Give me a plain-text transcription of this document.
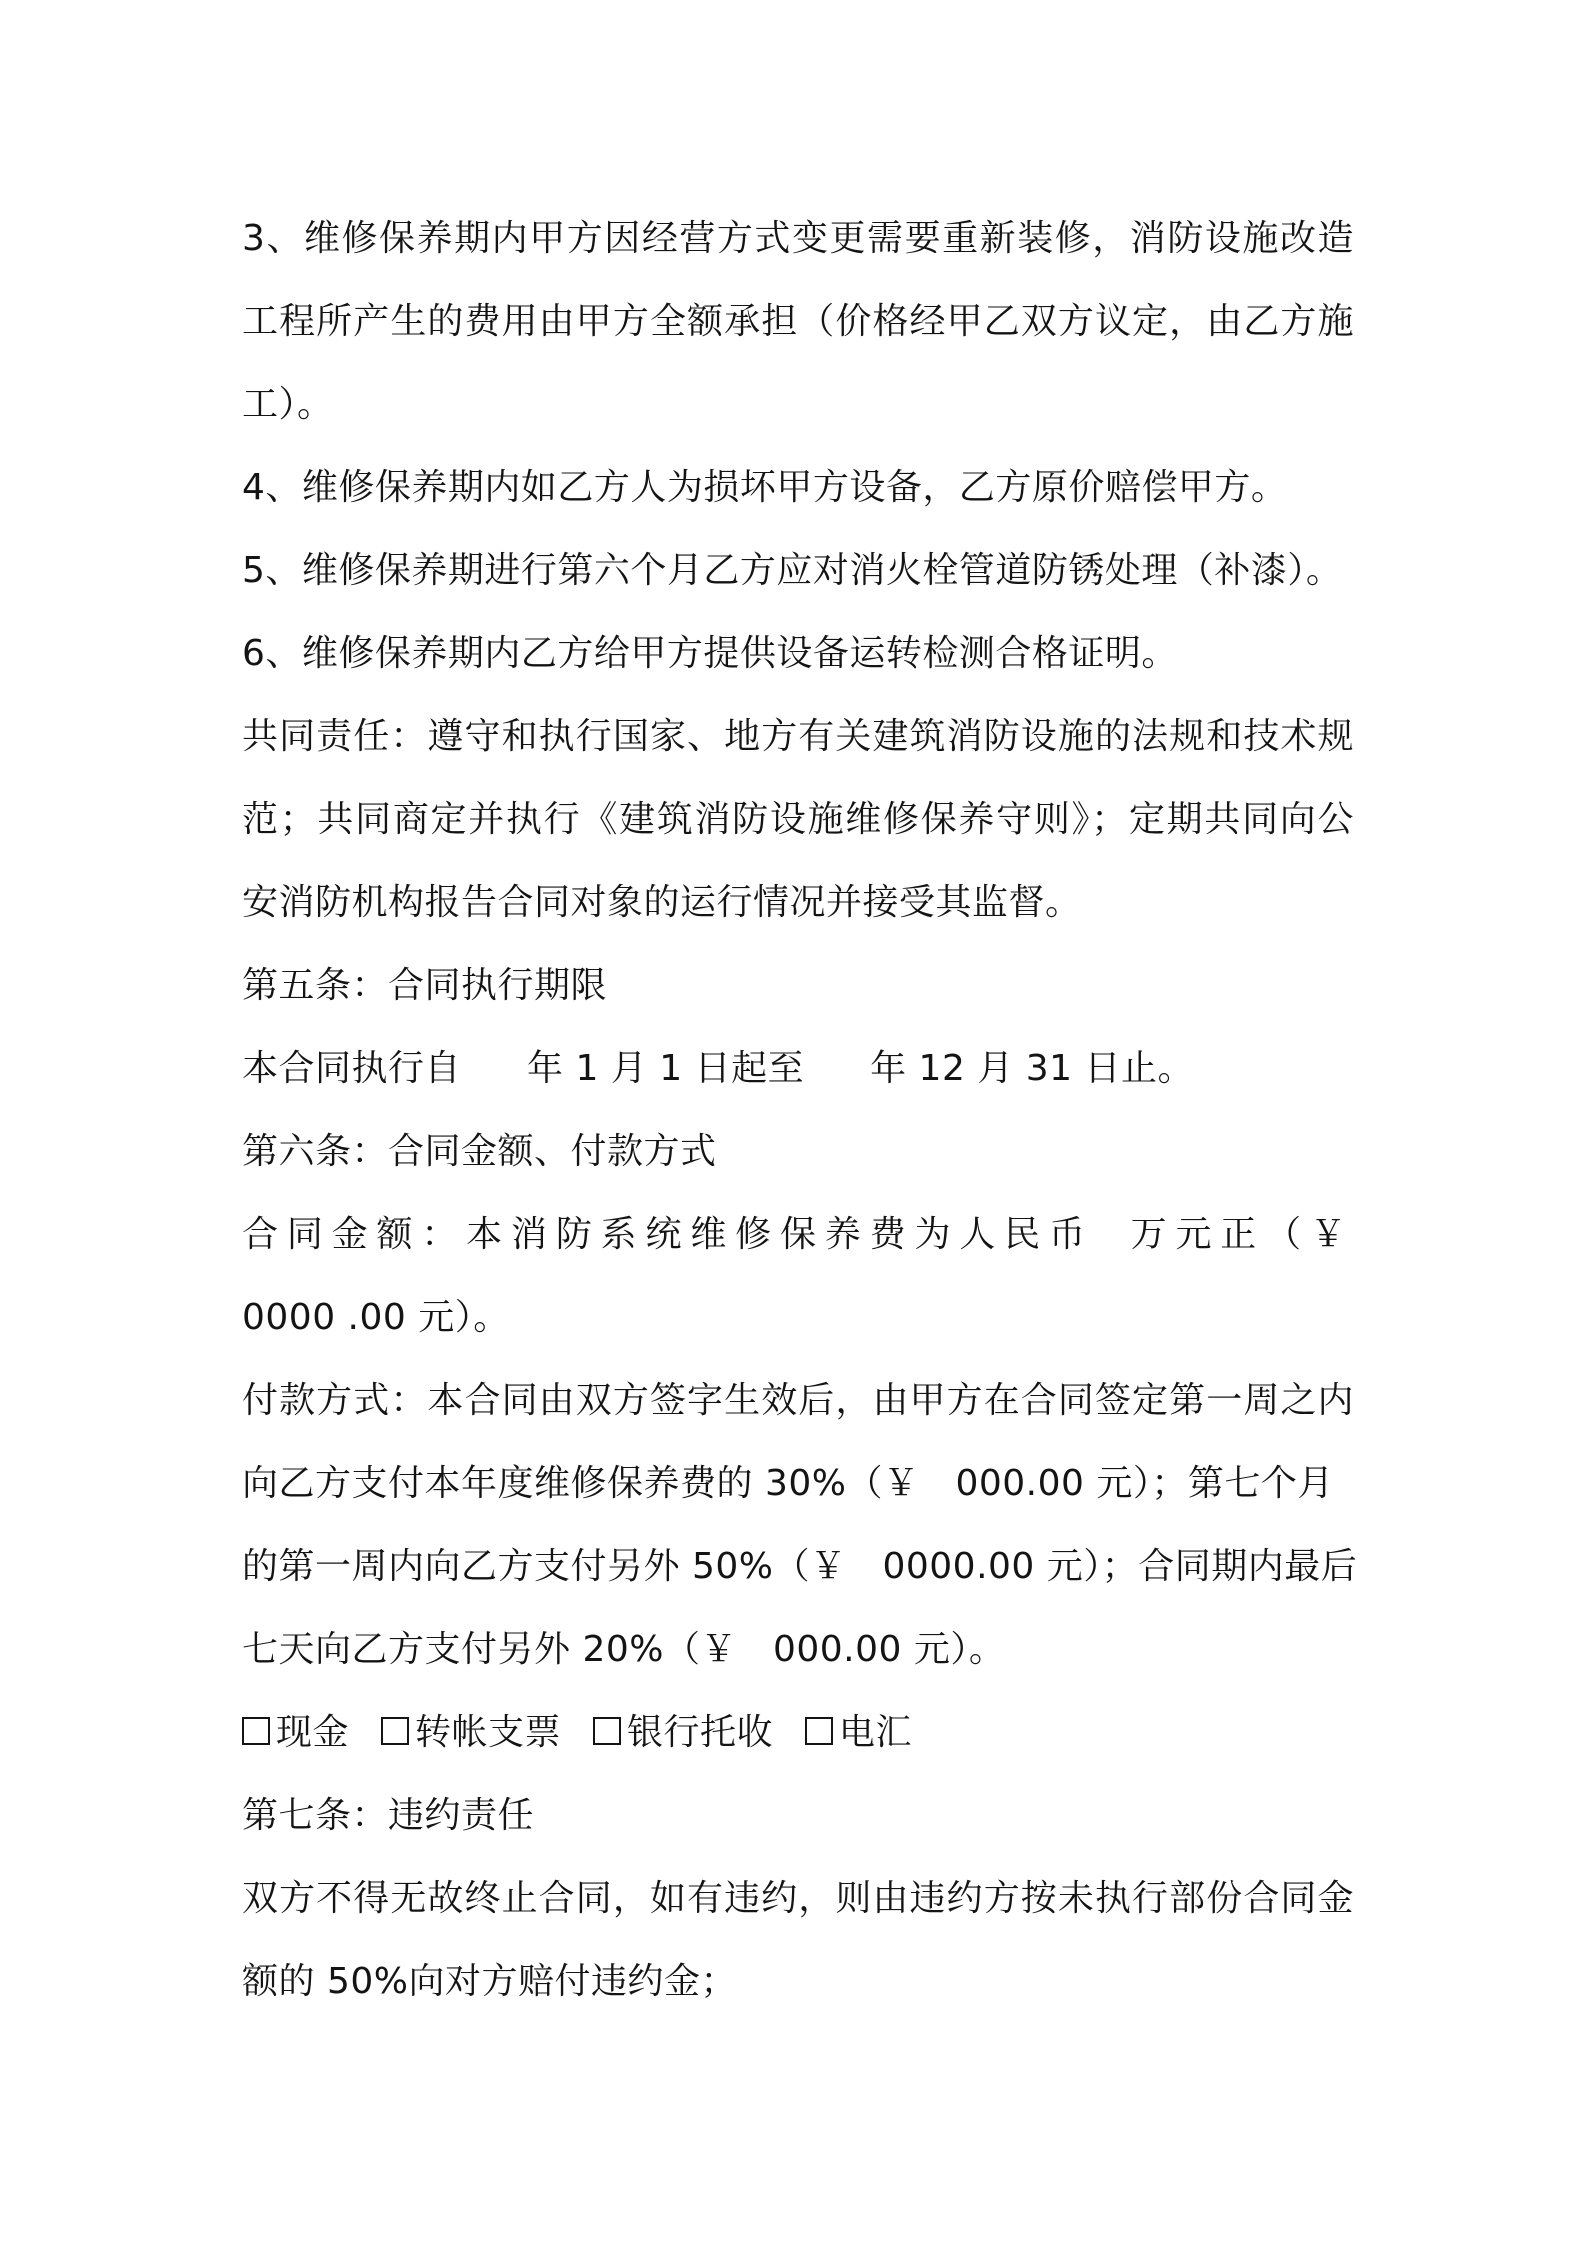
3、维修保养期内甲方因经营方式变更需要重新装修，消防设施改造
工程所产生的费用由甲方全额承担（价格经甲乙双方议定，由乙方施
工）。
4、维修保养期内如乙方人为损坏甲方设备，乙方原价赔偿甲方。
5、维修保养期进行第六个月乙方应对消火栓管道防锈处理（补漆）。
6、维修保养期内乙方给甲方提供设备运转检测合格证明。
共同责任：遵守和执行国家、地方有关建筑消防设施的法规和技术规
范；共同商定并执行《建筑消防设施维修保养守则》；定期共同向公
安消防机构报告合同对象的运行情况并接受其监督。
第五条：合同执行期限
本合同执行自 年 1 月 1 日起至 年 12 月 31 日止。
第六条：合同金额、付款方式
合同金额：本消防系统维修保养费为人民币 万元正（￥
0000 .00 元）。
付款方式：本合同由双方签字生效后，由甲方在合同签定第一周之内
向乙方支付本年度维修保养费的 30%（￥ 000.00 元）；第七个月
的第一周内向乙方支付另外 50%（￥ 0000.00 元）；合同期内最后
七天向乙方支付另外 20%（￥ 000.00 元）。
现金 转帐支票 银行托收 电汇
第七条：违约责任
双方不得无故终止合同，如有违约，则由违约方按未执行部份合同金
额的 50%向对方赔付违约金；
